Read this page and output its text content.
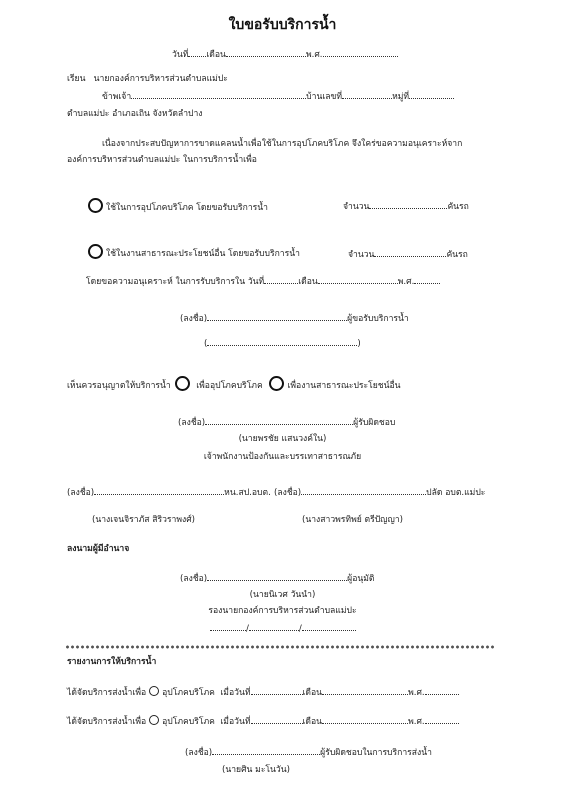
ใบขอรับบริการน้ำ
วันที่ เดือน	พ.ศ.
เรียน นายกองค์การบริหารส่วนตำบลแม่ปะ
ข้าพเจ้า	บ้านเลขที่	หมู่ที่
ตำบลแม่ปะ อำเภอเถิน จังหวัดลำปาง
เนื่องจากประสบปัญหาการขาดแคลนน้ำเพื่อใช้ในการอุปโภคบริโภค จึงใคร่ขอความอนุเคราะห์จาก
องค์การบริหารส่วนตำบลแม่ปะ ในการบริการน้ำเพื่อ
ใช้ในการอุปโภคบริโภค โดยขอรับบริการน้ำ	จำนวน	คันรถ
ใช้ในงานสาธารณะประโยชน์อื่น โดยขอรับบริการน้ำ	จำนวน	คันรถ
โดยขอความอนุเคราะห์ ในการรับบริการใน วันที่	เดือน	พ.ศ.
(ลงชื่อ)	ผู้ขอรับบริการน้ำ
(	)
เห็นควรอนุญาตให้บริการน้ำ	เพื่ออุปโภคบริโภค	เพื่องานสาธารณะประโยชน์อื่น
(ลงชื่อ)	ผู้รับผิดชอบ
(นายพรชัย แสนวงค์ใน)
เจ้าพนักงานป้องกันและบรรเทาสาธารณภัย
(ลงชื่อ)	หน.สป.อบต. (ลงชื่อ)	ปลัด อบต.แม่ปะ
(นางเจนจิราภัส สิริวราพงศ์)	(นางสาวพรทิพย์ ตรีปัญญา)
ลงนามผู้มีอำนาจ
(ลงชื่อ)	ผู้อนุมัติ
(นายนิเวศ วันนำ)
รองนายกองค์การบริหารส่วนตำบลแม่ปะ
/	/
รายงานการให้บริการน้ำ
ได้จัดบริการส่งน้ำเพื่อ อุปโภคบริโภค เมื่อวันที่	เดือน	พ.ศ.
ได้จัดบริการส่งน้ำเพื่อ อุปโภคบริโภค เมื่อวันที่	เดือน	พ.ศ.
(ลงชื่อ)	ผู้รับผิดชอบในการบริการส่งน้ำ
(นายศิน มะโนวัน)
